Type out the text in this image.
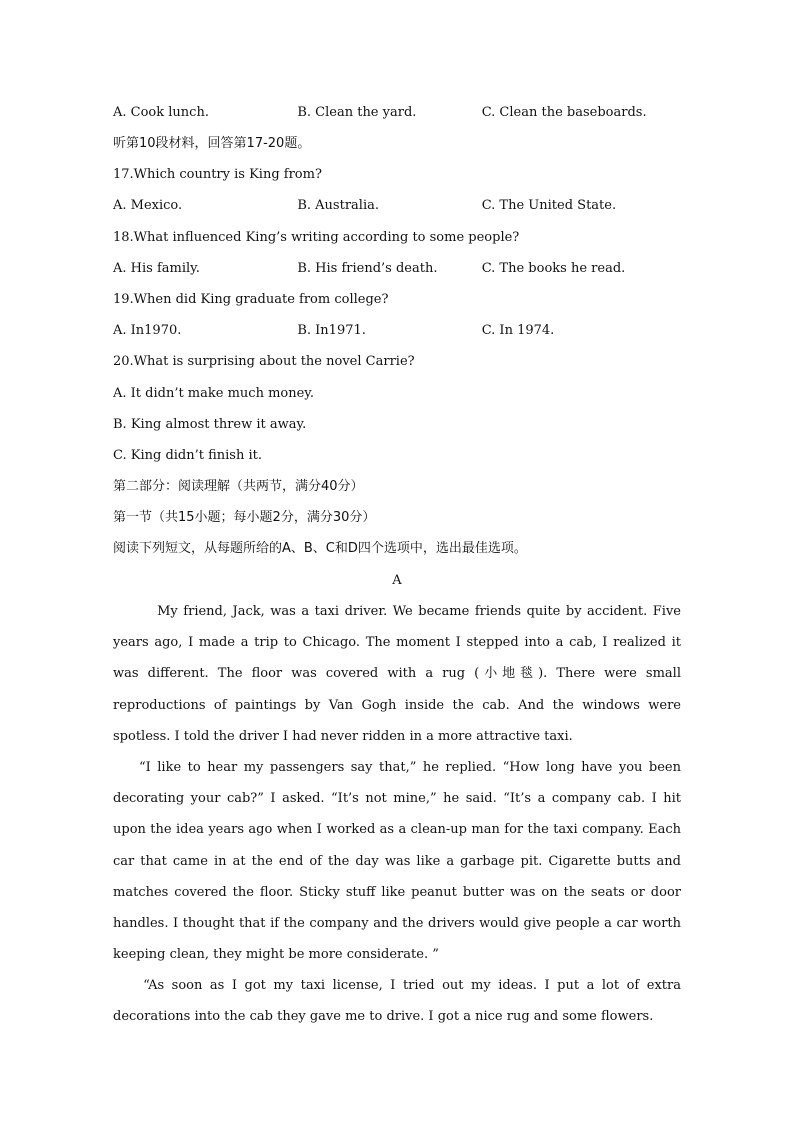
A. Cook lunch.	B. Clean the yard.	C. Clean the baseboards.
听第10段材料，回答第17-20题。
17.Which country is King from?
A. Mexico.	B. Australia.	C. The United State.
18.What influenced King’s writing according to some people?
A. His family.	B. His friend’s death.	C. The books he read.
19.When did King graduate from college?
A. In1970.	B. In1971.	C. In 1974.
20.What is surprising about the novel Carrie?
A. It didn’t make much money.
B. King almost threw it away.
C. King didn’t finish it.
第二部分：阅读理解（共两节，满分40分）
第一节（共15小题；每小题2分，满分30分）
阅读下列短文，从每题所给的A、B、C和D四个选项中，选出最佳选项。
A
My friend, Jack, was a taxi driver. We became friends quite by accident. Five years ago, I made a trip to Chicago. The moment I stepped into a cab, I realized it was different. The floor was covered with a rug (小地毯). There were small reproductions of paintings by Van Gogh inside the cab. And the windows were spotless. I told the driver I had never ridden in a more attractive taxi.
“I like to hear my passengers say that,” he replied. “How long have you been decorating your cab?” I asked. “It’s not mine,” he said. “It’s a company cab. I hit upon the idea years ago when I worked as a clean-up man for the taxi company. Each car that came in at the end of the day was like a garbage pit. Cigarette butts and matches covered the floor. Sticky stuff like peanut butter was on the seats or door handles. I thought that if the company and the drivers would give people a car worth keeping clean, they might be more considerate. ”
“As soon as I got my taxi license, I tried out my ideas. I put a lot of extra decorations into the cab they gave me to drive. I got a nice rug and some flowers.
